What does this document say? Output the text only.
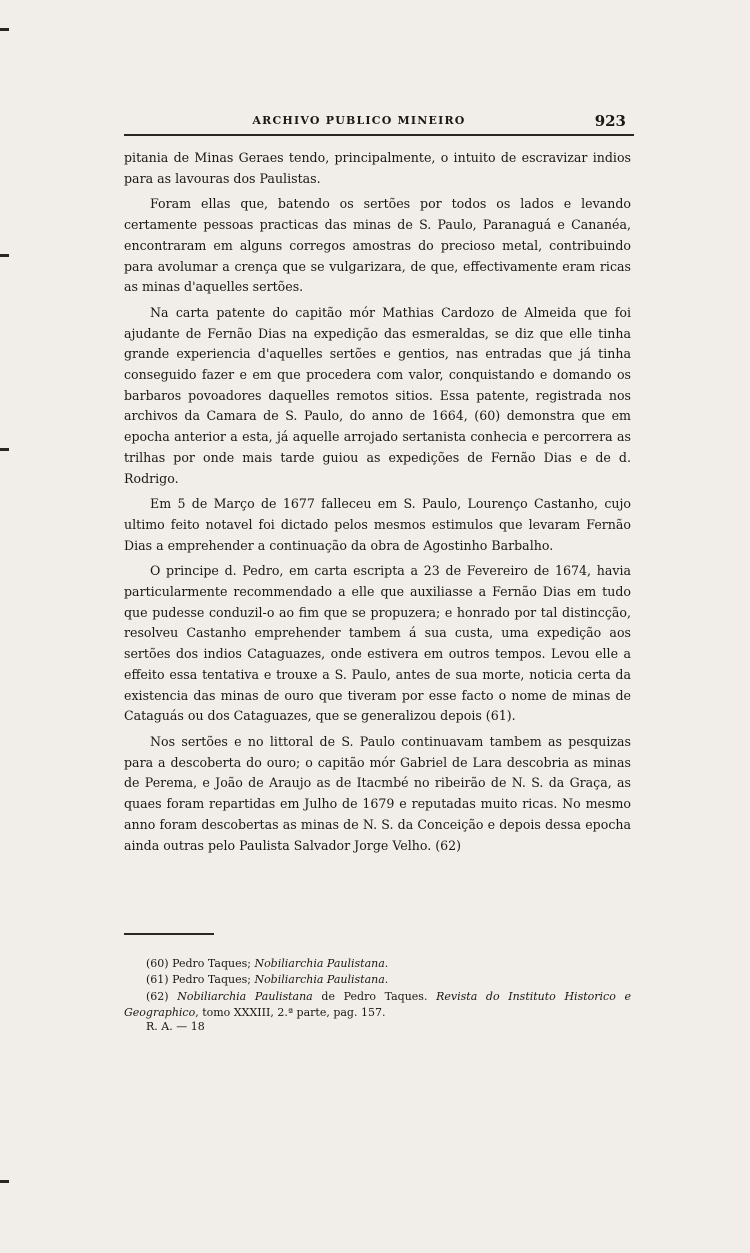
ARCHIVO PUBLICO MINEIRO	923

pitania de Minas Geraes tendo, principalmente, o intuito de escravizar indios para as lavouras dos Paulistas.

Foram ellas que, batendo os sertões por todos os lados e levando certamente pessoas practicas das minas de S. Paulo, Paranaguá e Cananéa, encontraram em alguns corregos amostras do precioso metal, contribuindo para avolumar a crença que se vulgarizara, de que, effectivamente eram ricas as minas d'aquelles sertões.

Na carta patente do capitão mór Mathias Cardozo de Almeida que foi ajudante de Fernão Dias na expedição das esmeraldas, se diz que elle tinha grande experiencia d'aquelles sertões e gentios, nas entradas que já tinha conseguido fazer e em que procedera com valor, conquistando e domando os barbaros povoadores daquelles remotos sitios. Essa patente, registrada nos archivos da Camara de S. Paulo, do anno de 1664, (60) demonstra que em epocha anterior a esta, já aquelle arrojado sertanista conhecia e percorrera as trilhas por onde mais tarde guiou as expedições de Fernão Dias e de d. Rodrigo.

Em 5 de Março de 1677 falleceu em S. Paulo, Lourenço Castanho, cujo ultimo feito notavel foi dictado pelos mesmos estimulos que levaram Fernão Dias a emprehender a continuação da obra de Agostinho Barbalho.

O principe d. Pedro, em carta escripta a 23 de Fevereiro de 1674, havia particularmente recommendado a elle que auxiliasse a Fernão Dias em tudo que pudesse conduzil-o ao fim que se propuzera; e honrado por tal distincção, resolveu Castanho emprehender tambem á sua custa, uma expedição aos sertões dos indios Cataguazes, onde estivera em outros tempos. Levou elle a effeito essa tentativa e trouxe a S. Paulo, antes de sua morte, noticia certa da existencia das minas de ouro que tiveram por esse facto o nome de minas de Cataguás ou dos Cataguazes, que se generalizou depois (61).

Nos sertões e no littoral de S. Paulo continuavam tambem as pesquizas para a descoberta do ouro; o capitão mór Gabriel de Lara descobria as minas de Perema, e João de Araujo as de Itacmbé no ribeirão de N. S. da Graça, as quaes foram repartidas em Julho de 1679 e reputadas muito ricas. No mesmo anno foram descobertas as minas de N. S. da Conceição e depois dessa epocha ainda outras pelo Paulista Salvador Jorge Velho. (62)

(60) Pedro Taques; Nobiliarchia Paulistana.

(61) Pedro Taques; Nobiliarchia Paulistana.

(62) Nobiliarchia Paulistana de Pedro Taques. Revista do Instituto Historico e Geographico, tomo XXXIII, 2.ª parte, pag. 157.

R. A. — 18
